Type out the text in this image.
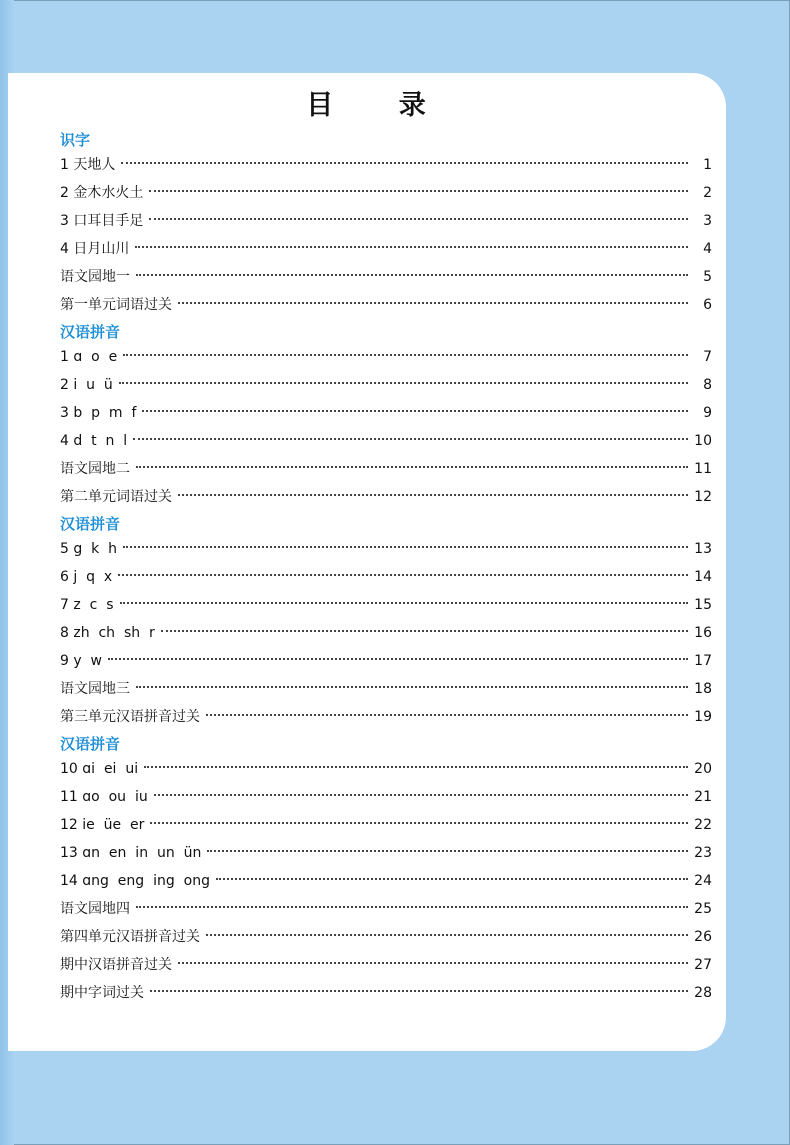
目 录
识字
1 天地人	1
2 金木水火土	2
3 口耳目手足	3
4 日月山川	4
语文园地一	5
第一单元词语过关	6
汉语拼音
1 ɑ  o  e	7
2 i  u  ü	8
3 b  p  m  f	9
4 d  t  n  l	10
语文园地二	11
第二单元词语过关	12
汉语拼音
5 g  k  h	13
6 j  q  x	14
7 z  c  s	15
8 zh  ch  sh  r	16
9 y  w	17
语文园地三	18
第三单元汉语拼音过关	19
汉语拼音
10 ɑi  ei  ui	20
11 ɑo  ou  iu	21
12 ie  üe  er	22
13 ɑn  en  in  un  ün	23
14 ɑng  eng  ing  ong	24
语文园地四	25
第四单元汉语拼音过关	26
期中汉语拼音过关	27
期中字词过关	28
